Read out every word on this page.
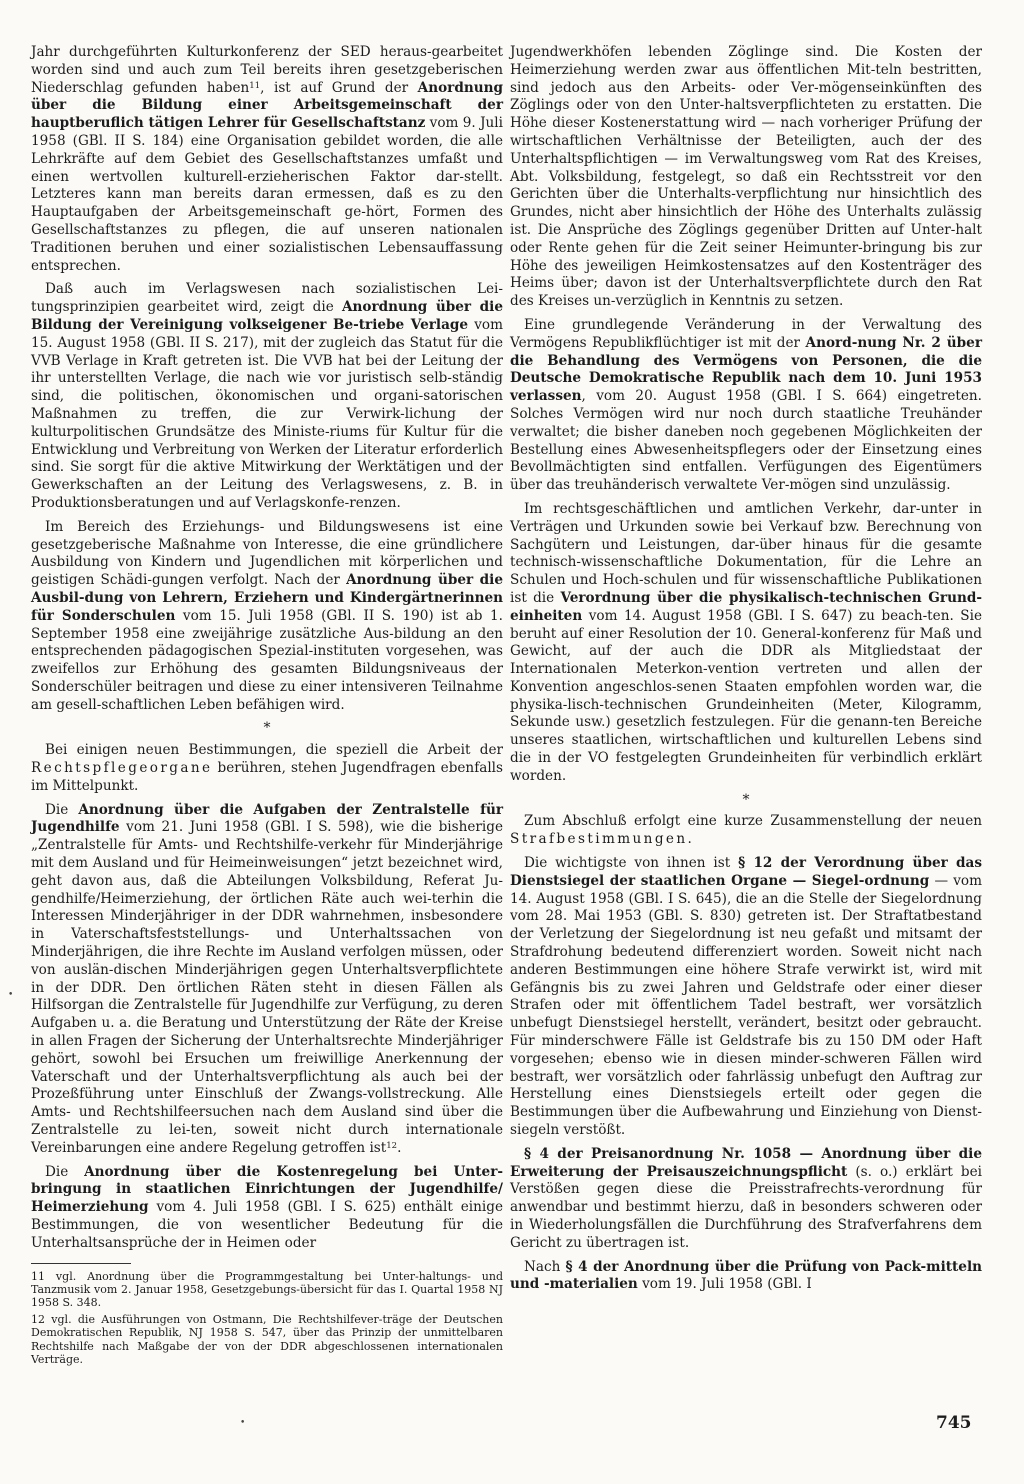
Jahr durchgeführten Kulturkonferenz der SED heraus-gearbeitet worden sind und auch zum Teil bereits ihren gesetzgeberischen Niederschlag gefunden haben$^{11}$, ist auf Grund der Anordnung über die Bildung einer Arbeitsgemeinschaft der hauptberuflich tätigen Lehrer für Gesellschaftstanz vom 9. Juli 1958 (GBl. II S. 184) eine Organisation gebildet worden, die alle Lehrkräfte auf dem Gebiet des Gesellschaftstanzes umfaßt und einen wertvollen kulturell-erzieherischen Faktor dar-stellt. Letzteres kann man bereits daran ermessen, daß es zu den Hauptaufgaben der Arbeitsgemeinschaft ge-hört, Formen des Gesellschaftstanzes zu pflegen, die auf unseren nationalen Traditionen beruhen und einer sozialistischen Lebensauffassung entsprechen.

Daß auch im Verlagswesen nach sozialistischen Lei-tungsprinzipien gearbeitet wird, zeigt die Anordnung über die Bildung der Vereinigung volkseigener Be-triebe Verlage vom 15. August 1958 (GBl. II S. 217), mit der zugleich das Statut für die VVB Verlage in Kraft getreten ist. Die VVB hat bei der Leitung der ihr unterstellten Verlage, die nach wie vor juristisch selb-ständig sind, die politischen, ökonomischen und organi-satorischen Maßnahmen zu treffen, die zur Verwirk-lichung der kulturpolitischen Grundsätze des Ministe-riums für Kultur für die Entwicklung und Verbreitung von Werken der Literatur erforderlich sind. Sie sorgt für die aktive Mitwirkung der Werktätigen und der Gewerkschaften an der Leitung des Verlagswesens, z. B. in Produktionsberatungen und auf Verlagskonfe-renzen.

Im Bereich des Erziehungs- und Bildungswesens ist eine gesetzgeberische Maßnahme von Interesse, die eine gründlichere Ausbildung von Kindern und Jugendlichen mit körperlichen und geistigen Schädi-gungen verfolgt. Nach der Anordnung über die Ausbil-dung von Lehrern, Erziehern und Kindergärtnerinnen für Sonderschulen vom 15. Juli 1958 (GBl. II S. 190) ist ab 1. September 1958 eine zweijährige zusätzliche Aus-bildung an den entsprechenden pädagogischen Spezial-instituten vorgesehen, was zweifellos zur Erhöhung des gesamten Bildungsniveaus der Sonderschüler beitragen und diese zu einer intensiveren Teilnahme am gesell-schaftlichen Leben befähigen wird.

*

Bei einigen neuen Bestimmungen, die speziell die Arbeit der Rechtspflegeorgane berühren, stehen Jugendfragen ebenfalls im Mittelpunkt.

Die Anordnung über die Aufgaben der Zentralstelle für Jugendhilfe vom 21. Juni 1958 (GBl. I S. 598), wie die bisherige „Zentralstelle für Amts- und Rechtshilfe-verkehr für Minderjährige mit dem Ausland und für Heimeinweisungen“ jetzt bezeichnet wird, geht davon aus, daß die Abteilungen Volksbildung, Referat Ju-gendhilfe/Heimerziehung, der örtlichen Räte auch wei-terhin die Interessen Minderjähriger in der DDR wahrnehmen, insbesondere in Vaterschaftsfeststellungs- und Unterhaltssachen von Minderjährigen, die ihre Rechte im Ausland verfolgen müssen, oder von auslän-dischen Minderjährigen gegen Unterhaltsverpflichtete in der DDR. Den örtlichen Räten steht in diesen Fällen als Hilfsorgan die Zentralstelle für Jugendhilfe zur Verfügung, zu deren Aufgaben u. a. die Beratung und Unterstützung der Räte der Kreise in allen Fragen der Sicherung der Unterhaltsrechte Minderjähriger gehört, sowohl bei Ersuchen um freiwillige Anerkennung der Vaterschaft und der Unterhaltsverpflichtung als auch bei der Prozeßführung unter Einschluß der Zwangs-vollstreckung. Alle Amts- und Rechtshilfeersuchen nach dem Ausland sind über die Zentralstelle zu lei-ten, soweit nicht durch internationale Vereinbarungen eine andere Regelung getroffen ist$^{12}$.

Die Anordnung über die Kostenregelung bei Unter-bringung in staatlichen Einrichtungen der Jugendhilfe/ Heimerziehung vom 4. Juli 1958 (GBl. I S. 625) enthält einige Bestimmungen, die von wesentlicher Bedeutung für die Unterhaltsansprüche der in Heimen oder

11 vgl. Anordnung über die Programmgestaltung bei Unter-haltungs- und Tanzmusik vom 2. Januar 1958, Gesetzgebungs-übersicht für das I. Quartal 1958 NJ 1958 S. 348.

12 vgl. die Ausführungen von Ostmann, Die Rechtshilfever-träge der Deutschen Demokratischen Republik, NJ 1958 S. 547, über das Prinzip der unmittelbaren Rechtshilfe nach Maßgabe der von der DDR abgeschlossenen internationalen Verträge.

Jugendwerkhöfen lebenden Zöglinge sind. Die Kosten der Heimerziehung werden zwar aus öffentlichen Mit-teln bestritten, sind jedoch aus den Arbeits- oder Ver-mögenseinkünften des Zöglings oder von den Unter-haltsverpflichteten zu erstatten. Die Höhe dieser Kostenerstattung wird — nach vorheriger Prüfung der wirtschaftlichen Verhältnisse der Beteiligten, auch der des Unterhaltspflichtigen — im Verwaltungsweg vom Rat des Kreises, Abt. Volksbildung, festgelegt, so daß ein Rechtsstreit vor den Gerichten über die Unterhalts-verpflichtung nur hinsichtlich des Grundes, nicht aber hinsichtlich der Höhe des Unterhalts zulässig ist. Die Ansprüche des Zöglings gegenüber Dritten auf Unter-halt oder Rente gehen für die Zeit seiner Heimunter-bringung bis zur Höhe des jeweiligen Heimkostensatzes auf den Kostenträger des Heims über; davon ist der Unterhaltsverpflichtete durch den Rat des Kreises un-verzüglich in Kenntnis zu setzen.

Eine grundlegende Veränderung in der Verwaltung des Vermögens Republikflüchtiger ist mit der Anord-nung Nr. 2 über die Behandlung des Vermögens von Personen, die die Deutsche Demokratische Republik nach dem 10. Juni 1953 verlassen, vom 20. August 1958 (GBl. I S. 664) eingetreten. Solches Vermögen wird nur noch durch staatliche Treuhänder verwaltet; die bisher daneben noch gegebenen Möglichkeiten der Bestellung eines Abwesenheitspflegers oder der Einsetzung eines Bevollmächtigten sind entfallen. Verfügungen des Eigentümers über das treuhänderisch verwaltete Ver-mögen sind unzulässig.

Im rechtsgeschäftlichen und amtlichen Verkehr, dar-unter in Verträgen und Urkunden sowie bei Verkauf bzw. Berechnung von Sachgütern und Leistungen, dar-über hinaus für die gesamte technisch-wissenschaftliche Dokumentation, für die Lehre an Schulen und Hoch-schulen und für wissenschaftliche Publikationen ist die Verordnung über die physikalisch-technischen Grund-einheiten vom 14. August 1958 (GBl. I S. 647) zu beach-ten. Sie beruht auf einer Resolution der 10. General-konferenz für Maß und Gewicht, auf der auch die DDR als Mitgliedstaat der Internationalen Meterkon-vention vertreten und allen der Konvention angeschlos-senen Staaten empfohlen worden war, die physika-lisch-technischen Grundeinheiten (Meter, Kilogramm, Sekunde usw.) gesetzlich festzulegen. Für die genann-ten Bereiche unseres staatlichen, wirtschaftlichen und kulturellen Lebens sind die in der VO festgelegten Grundeinheiten für verbindlich erklärt worden.

*

Zum Abschluß erfolgt eine kurze Zusammenstellung der neuen Strafbestimmungen.

Die wichtigste von ihnen ist § 12 der Verordnung über das Dienstsiegel der staatlichen Organe — Siegel-ordnung — vom 14. August 1958 (GBl. I S. 645), die an die Stelle der Siegelordnung vom 28. Mai 1953 (GBl. S. 830) getreten ist. Der Straftatbestand der Verletzung der Siegelordnung ist neu gefaßt und mitsamt der Strafdrohung bedeutend differenziert worden. Soweit nicht nach anderen Bestimmungen eine höhere Strafe verwirkt ist, wird mit Gefängnis bis zu zwei Jahren und Geldstrafe oder einer dieser Strafen oder mit öffentlichem Tadel bestraft, wer vorsätzlich unbefugt Dienstsiegel herstellt, verändert, besitzt oder gebraucht. Für minderschwere Fälle ist Geldstrafe bis zu 150 DM oder Haft vorgesehen; ebenso wie in diesen minder-schweren Fällen wird bestraft, wer vorsätzlich oder fahrlässig unbefugt den Auftrag zur Herstellung eines Dienstsiegels erteilt oder gegen die Bestimmungen über die Aufbewahrung und Einziehung von Dienst-siegeln verstößt.

§ 4 der Preisanordnung Nr. 1058 — Anordnung über die Erweiterung der Preisauszeichnungspflicht (s. o.) erklärt bei Verstößen gegen diese die Preisstrafrechts-verordnung für anwendbar und bestimmt hierzu, daß in besonders schweren oder in Wiederholungsfällen die Durchführung des Strafverfahrens dem Gericht zu übertragen ist.

Nach § 4 der Anordnung über die Prüfung von Pack-mitteln und -materialien vom 19. Juli 1958 (GBl. I

•
•	745
